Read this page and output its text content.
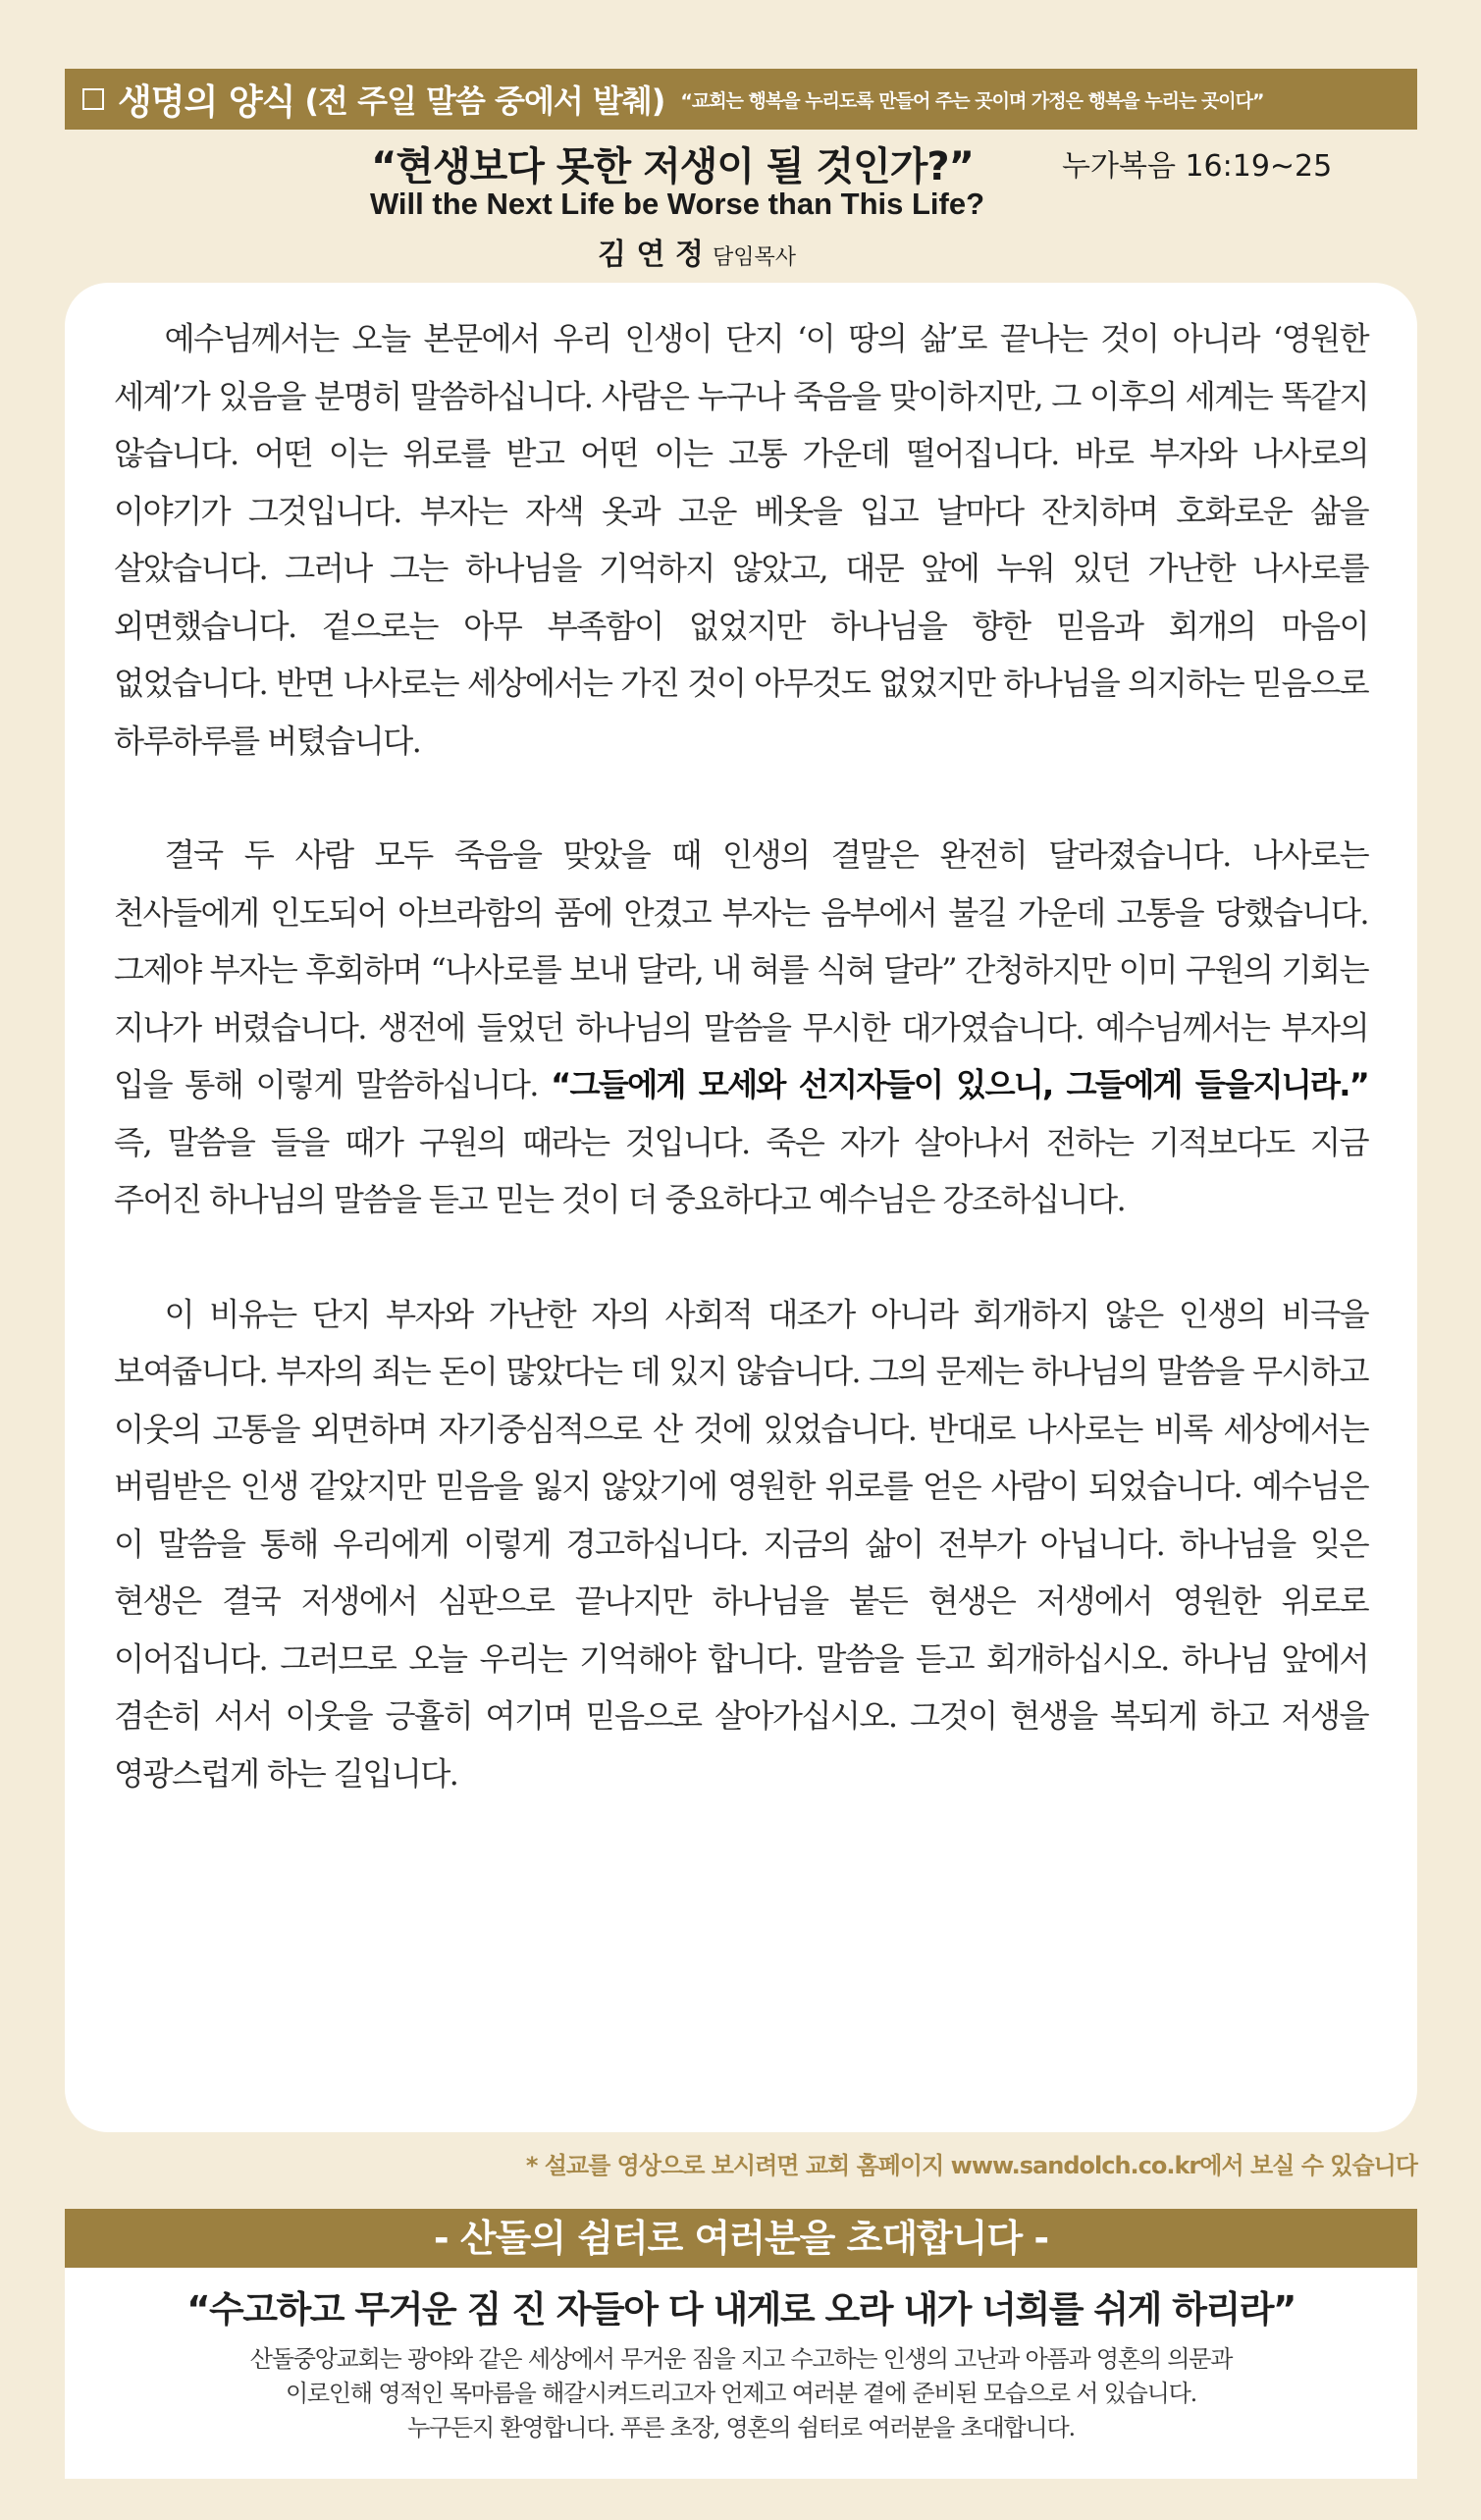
생명의 양식 (전 주일 말씀 중에서 발췌) “교회는 행복을 누리도록 만들어 주는 곳이며 가정은 행복을 누리는 곳이다”
“현생보다 못한 저생이 될 것인가?”	누가복음 16:19~25
Will the Next Life be Worse than This Life?
김 연 정 담임목사

예수님께서는 오늘 본문에서 우리 인생이 단지 ‘이 땅의 삶’로 끝나는 것이 아니라 ‘영원한 세계’가 있음을 분명히 말씀하십니다. 사람은 누구나 죽음을 맞이하지만, 그 이후의 세계는 똑같지 않습니다. 어떤 이는 위로를 받고 어떤 이는 고통 가운데 떨어집니다. 바로 부자와 나사로의 이야기가 그것입니다. 부자는 자색 옷과 고운 베옷을 입고 날마다 잔치하며 호화로운 삶을 살았습니다. 그러나 그는 하나님을 기억하지 않았고, 대문 앞에 누워 있던 가난한 나사로를 외면했습니다. 겉으로는 아무 부족함이 없었지만 하나님을 향한 믿음과 회개의 마음이 없었습니다. 반면 나사로는 세상에서는 가진 것이 아무것도 없었지만 하나님을 의지하는 믿음으로 하루하루를 버텼습니다.

결국 두 사람 모두 죽음을 맞았을 때 인생의 결말은 완전히 달라졌습니다. 나사로는 천사들에게 인도되어 아브라함의 품에 안겼고 부자는 음부에서 불길 가운데 고통을 당했습니다. 그제야 부자는 후회하며 “나사로를 보내 달라, 내 혀를 식혀 달라” 간청하지만 이미 구원의 기회는 지나가 버렸습니다. 생전에 들었던 하나님의 말씀을 무시한 대가였습니다. 예수님께서는 부자의 입을 통해 이렇게 말씀하십니다. “그들에게 모세와 선지자들이 있으니, 그들에게 들을지니라.” 즉, 말씀을 들을 때가 구원의 때라는 것입니다. 죽은 자가 살아나서 전하는 기적보다도 지금 주어진 하나님의 말씀을 듣고 믿는 것이 더 중요하다고 예수님은 강조하십니다.

이 비유는 단지 부자와 가난한 자의 사회적 대조가 아니라 회개하지 않은 인생의 비극을 보여줍니다. 부자의 죄는 돈이 많았다는 데 있지 않습니다. 그의 문제는 하나님의 말씀을 무시하고 이웃의 고통을 외면하며 자기중심적으로 산 것에 있었습니다. 반대로 나사로는 비록 세상에서는 버림받은 인생 같았지만 믿음을 잃지 않았기에 영원한 위로를 얻은 사람이 되었습니다. 예수님은 이 말씀을 통해 우리에게 이렇게 경고하십니다. 지금의 삶이 전부가 아닙니다. 하나님을 잊은 현생은 결국 저생에서 심판으로 끝나지만 하나님을 붙든 현생은 저생에서 영원한 위로로 이어집니다. 그러므로 오늘 우리는 기억해야 합니다. 말씀을 듣고 회개하십시오. 하나님 앞에서 겸손히 서서 이웃을 긍휼히 여기며 믿음으로 살아가십시오. 그것이 현생을 복되게 하고 저생을 영광스럽게 하는 길입니다.

* 설교를 영상으로 보시려면 교회 홈페이지 www.sandolch.co.kr에서 보실 수 있습니다
- 산돌의 쉼터로 여러분을 초대합니다 -
“수고하고 무거운 짐 진 자들아 다 내게로 오라 내가 너희를 쉬게 하리라”
산돌중앙교회는 광야와 같은 세상에서 무거운 짐을 지고 수고하는 인생의 고난과 아픔과 영혼의 의문과
이로인해 영적인 목마름을 해갈시켜드리고자 언제고 여러분 곁에 준비된 모습으로 서 있습니다.
누구든지 환영합니다. 푸른 초장, 영혼의 쉼터로 여러분을 초대합니다.
